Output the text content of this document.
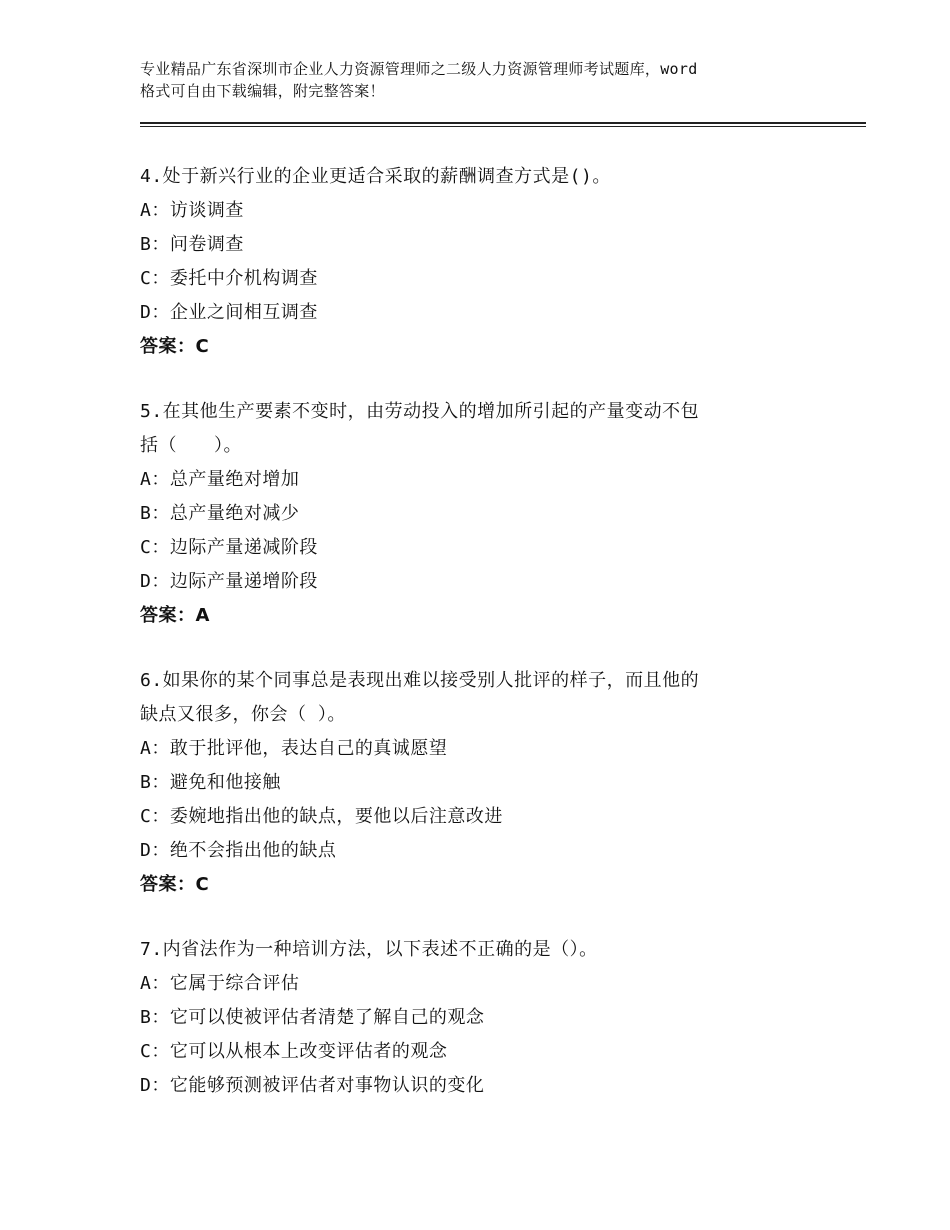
专业精品广东省深圳市企业人力资源管理师之二级人力资源管理师考试题库，word
格式可自由下载编辑，附完整答案！
4.处于新兴行业的企业更适合采取的薪酬调查方式是()。
A：访谈调查
B：问卷调查
C：委托中介机构调查
D：企业之间相互调查
答案：C
5.在其他生产要素不变时，由劳动投入的增加所引起的产量变动不包
括（　　）。
A：总产量绝对增加
B：总产量绝对减少
C：边际产量递减阶段
D：边际产量递增阶段
答案：A
6.如果你的某个同事总是表现出难以接受别人批评的样子，而且他的
缺点又很多，你会（ ）。
A：敢于批评他，表达自己的真诚愿望
B：避免和他接触
C：委婉地指出他的缺点，要他以后注意改进
D：绝不会指出他的缺点
答案：C
7.内省法作为一种培训方法，以下表述不正确的是（）。
A：它属于综合评估
B：它可以使被评估者清楚了解自己的观念
C：它可以从根本上改变评估者的观念
D：它能够预测被评估者对事物认识的变化
